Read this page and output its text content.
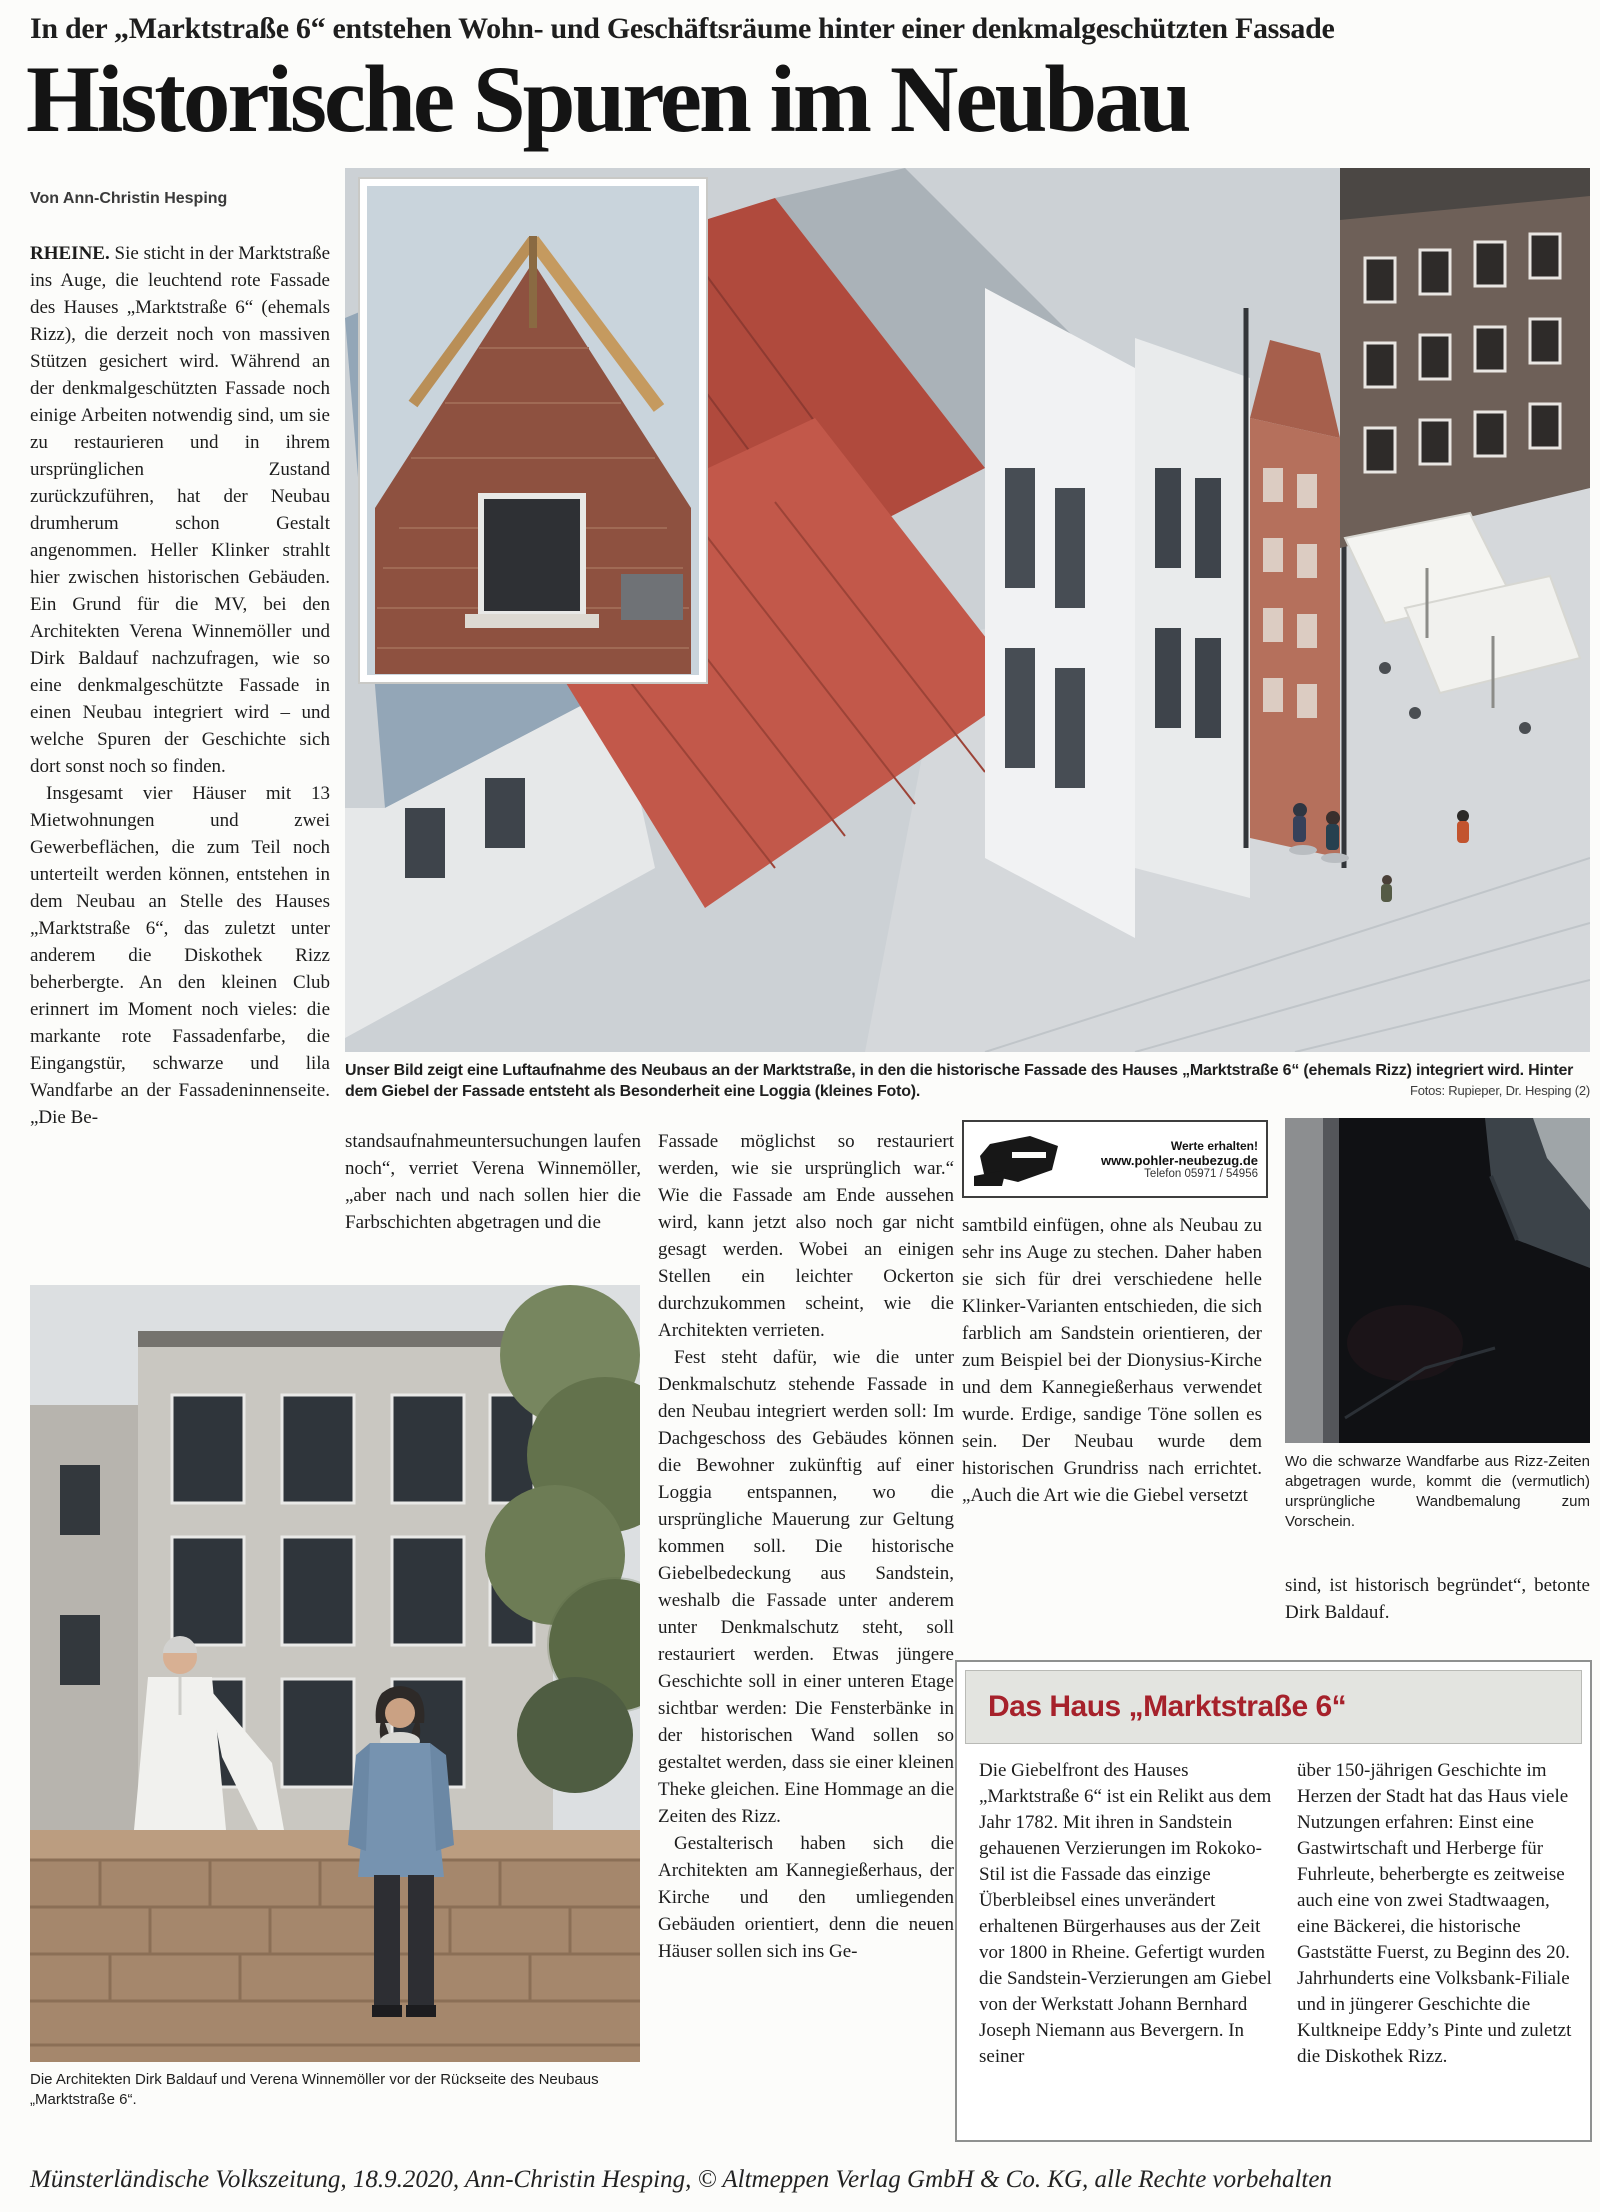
In der „Marktstraße 6“ entstehen Wohn- und Geschäftsräume hinter einer denkmalgeschützten Fassade
Historische Spuren im Neubau
Von Ann-Christin Hesping

RHEINE. Sie sticht in der Marktstraße ins Auge, die leuchtend rote Fassade des Hauses „Marktstraße 6“ (ehemals Rizz), die derzeit noch von massiven Stützen gesichert wird. Während an der denkmalgeschützten Fassade noch einige Arbeiten notwendig sind, um sie zu restaurieren und in ihrem ursprünglichen Zustand zurückzuführen, hat der Neubau drumherum schon Gestalt angenommen. Heller Klinker strahlt hier zwischen historischen Gebäuden. Ein Grund für die MV, bei den Architekten Verena Winnemöller und Dirk Baldauf nachzufragen, wie so eine denkmalgeschützte Fassade in einen Neubau integriert wird – und welche Spuren der Geschichte sich dort sonst noch so finden.

Insgesamt vier Häuser mit 13 Mietwohnungen und zwei Gewerbeflächen, die zum Teil noch unterteilt werden können, entstehen in dem Neubau an Stelle des Hauses „Marktstraße 6“, das zuletzt unter anderem die Diskothek Rizz beherbergte. An den kleinen Club erinnert im Moment noch vieles: die markante rote Fassadenfarbe, die Eingangstür, schwarze und lila Wandfarbe an der Fassadeninnenseite. „Die Be-

Unser Bild zeigt eine Luftaufnahme des Neubaus an der Marktstraße, in den die historische Fassade des Hauses „Marktstraße 6“ (ehemals Rizz) integriert wird. Hinter dem Giebel der Fassade entsteht als Besonderheit eine Loggia (kleines Foto).	Fotos: Rupieper, Dr. Hesping (2)

standsaufnahmeuntersuchungen laufen noch“, verriet Verena Winnemöller, „aber nach und nach sollen hier die Farbschichten abgetragen und die

Fassade möglichst so restauriert werden, wie sie ursprünglich war.“ Wie die Fassade am Ende aussehen wird, kann jetzt also noch gar nicht gesagt werden. Wobei an einigen Stellen ein leichter Ockerton durchzukommen scheint, wie die Architekten verrieten.

Fest steht dafür, wie die unter Denkmalschutz stehende Fassade in den Neubau integriert werden soll: Im Dachgeschoss des Gebäudes können die Bewohner zukünftig auf einer Loggia entspannen, wo die ursprüngliche Mauerung zur Geltung kommen soll. Die historische Giebelbedeckung aus Sandstein, weshalb die Fassade unter anderem unter Denkmalschutz steht, soll restauriert werden. Etwas jüngere Geschichte soll in einer unteren Etage sichtbar werden: Die Fensterbänke in der historischen Wand sollen so gestaltet werden, dass sie einer kleinen Theke gleichen. Eine Hommage an die Zeiten des Rizz.

Gestalterisch haben sich die Architekten am Kannegießerhaus, der Kirche und den umliegenden Gebäuden orientiert, denn die neuen Häuser sollen sich ins Ge-

Werte erhalten!
www.pohler-neubezug.de
Telefon 05971 / 54956

samtbild einfügen, ohne als Neubau zu sehr ins Auge zu stechen. Daher haben sie sich für drei verschiedene helle Klinker-Varianten entschieden, die sich farblich am Sandstein orientieren, der zum Beispiel bei der Dionysius-Kirche und dem Kannegießerhaus verwendet wurde. Erdige, sandige Töne sollen es sein. Der Neubau wurde dem historischen Grundriss nach errichtet. „Auch die Art wie die Giebel versetzt

Wo die schwarze Wandfarbe aus Rizz-Zeiten abgetragen wurde, kommt die (vermutlich) ursprüngliche Wandbemalung zum Vorschein.

sind, ist historisch begründet“, betonte Dirk Baldauf.

Das Haus „Marktstraße 6“
Die Giebelfront des Hauses „Marktstraße 6“ ist ein Relikt aus dem Jahr 1782. Mit ihren in Sandstein gehauenen Verzierungen im Rokoko-Stil ist die Fassade das einzige Überbleibsel eines unverändert erhaltenen Bürgerhauses aus der Zeit vor 1800 in Rheine. Gefertigt wurden die Sandstein-Verzierungen am Giebel von der Werkstatt Johann Bernhard Joseph Niemann aus Bevergern. In seiner
über 150-jährigen Geschichte im Herzen der Stadt hat das Haus viele Nutzungen erfahren: Einst eine Gastwirtschaft und Herberge für Fuhrleute, beherbergte es zeitweise auch eine von zwei Stadtwaagen, eine Bäckerei, die historische Gaststätte Fuerst, zu Beginn des 20. Jahrhunderts eine Volksbank-Filiale und in jüngerer Geschichte die Kultkneipe Eddy’s Pinte und zuletzt die Diskothek Rizz.
Die Architekten Dirk Baldauf und Verena Winnemöller vor der Rückseite des Neubaus „Marktstraße 6“.
Münsterländische Volkszeitung, 18.9.2020, Ann-Christin Hesping, © Altmeppen Verlag GmbH & Co. KG, alle Rechte vorbehalten
